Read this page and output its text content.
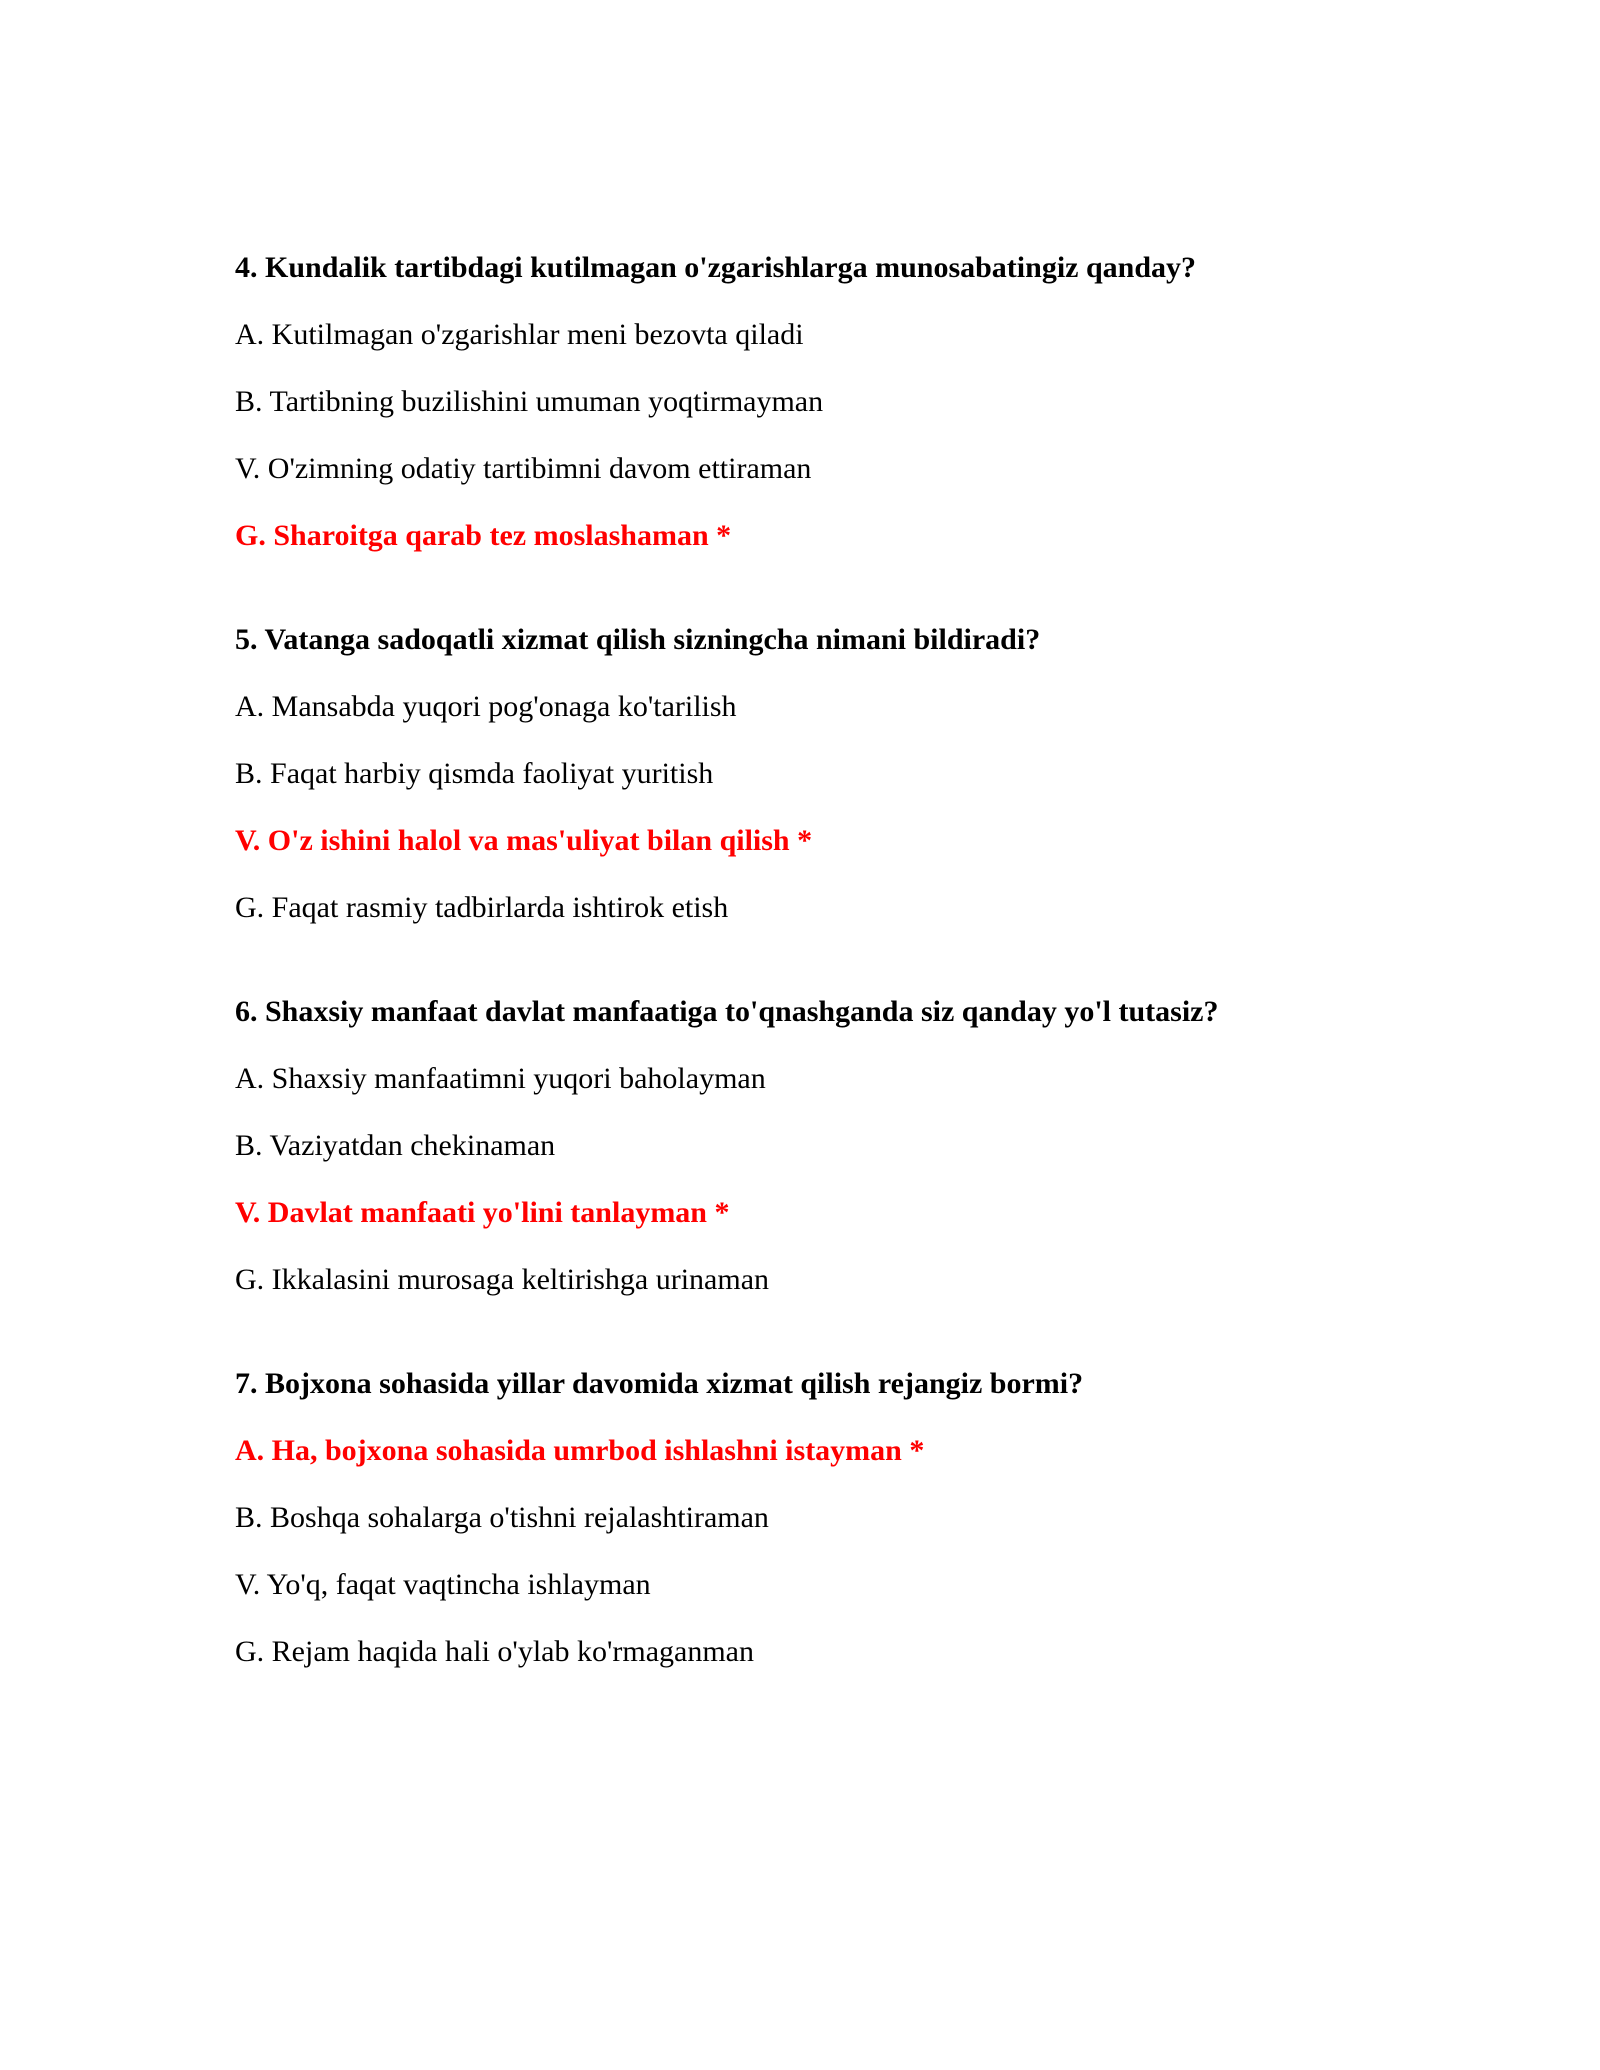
4. Kundalik tartibdagi kutilmagan o'zgarishlarga munosabatingiz qanday?
A. Kutilmagan o'zgarishlar meni bezovta qiladi
B. Tartibning buzilishini umuman yoqtirmayman
V. O'zimning odatiy tartibimni davom ettiraman
G. Sharoitga qarab tez moslashaman *
5. Vatanga sadoqatli xizmat qilish sizningcha nimani bildiradi?
A. Mansabda yuqori pog'onaga ko'tarilish
B. Faqat harbiy qismda faoliyat yuritish
V. O'z ishini halol va mas'uliyat bilan qilish *
G. Faqat rasmiy tadbirlarda ishtirok etish
6. Shaxsiy manfaat davlat manfaatiga to'qnashganda siz qanday yo'l tutasiz?
A. Shaxsiy manfaatimni yuqori baholayman
B. Vaziyatdan chekinaman
V. Davlat manfaati yo'lini tanlayman *
G. Ikkalasini murosaga keltirishga urinaman
7. Bojxona sohasida yillar davomida xizmat qilish rejangiz bormi?
A. Ha, bojxona sohasida umrbod ishlashni istayman *
B. Boshqa sohalarga o'tishni rejalashtiraman
V. Yo'q, faqat vaqtincha ishlayman
G. Rejam haqida hali o'ylab ko'rmaganman
